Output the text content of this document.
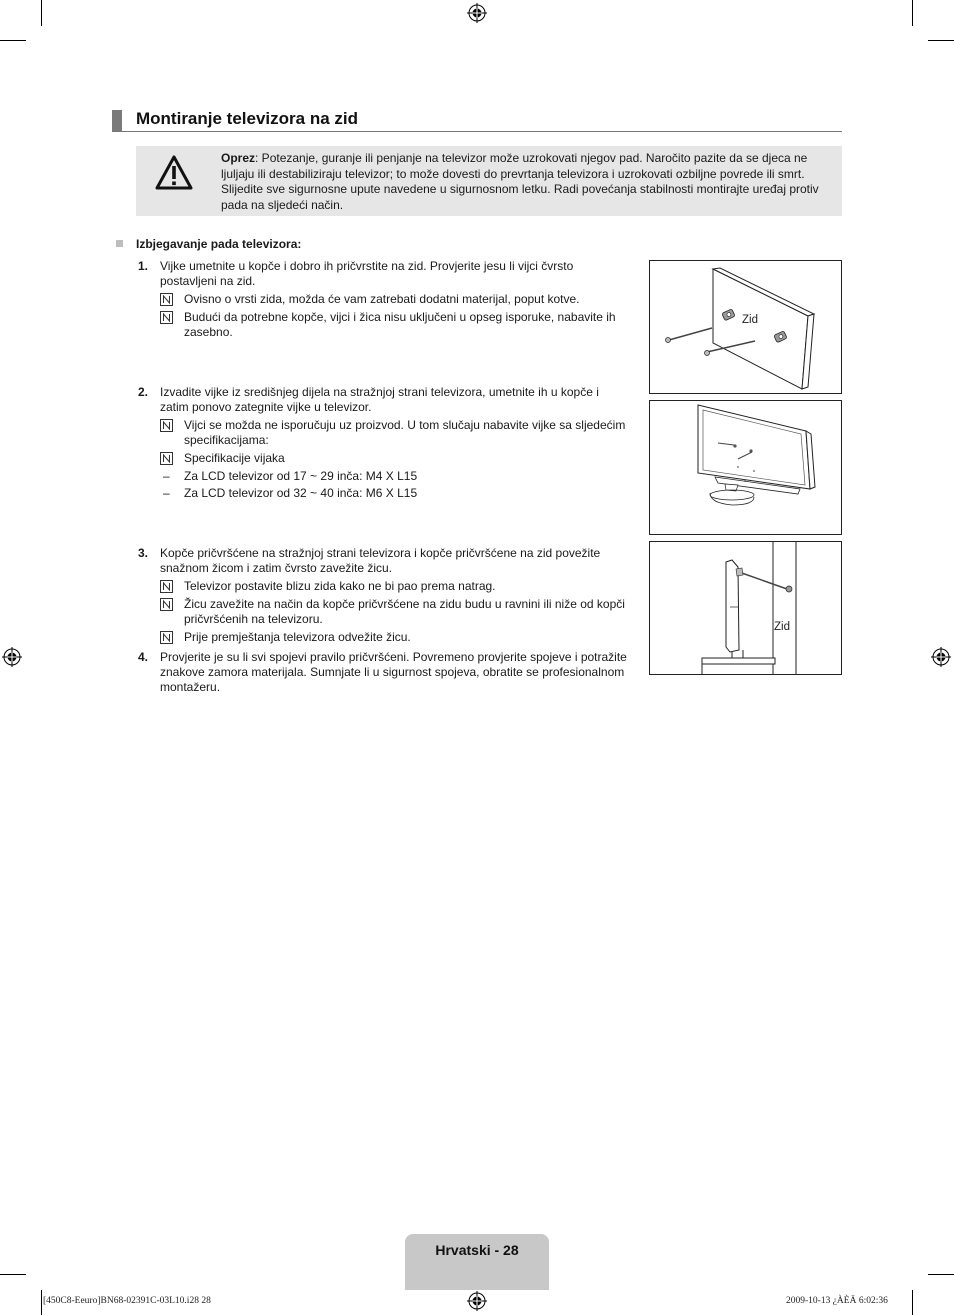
Montiranje televizora na zid
Oprez: Potezanje, guranje ili penjanje na televizor može uzrokovati njegov pad. Naročito pazite da se djeca ne ljuljaju ili destabiliziraju televizor; to može dovesti do prevrtanja televizora i uzrokovati ozbiljne povrede ili smrt. Slijedite sve sigurnosne upute navedene u sigurnosnom letku. Radi povećanja stabilnosti montirajte uređaj protiv pada na sljedeći način.
Izbjegavanje pada televizora:
1. Vijke umetnite u kopče i dobro ih pričvrstite na zid. Provjerite jesu li vijci čvrsto
postavljeni na zid.
Ovisno o vrsti zida, možda će vam zatrebati dodatni materijal, poput kotve.
Budući da potrebne kopče, vijci i žica nisu uključeni u opseg isporuke, nabavite ih
zasebno.
2. Izvadite vijke iz središnjeg dijela na stražnjoj strani televizora, umetnite ih u kopče i
zatim ponovo zategnite vijke u televizor.
Vijci se možda ne isporučuju uz proizvod. U tom slučaju nabavite vijke sa sljedećim
specifikacijama:
Specifikacije vijaka
– Za LCD televizor od 17 ~ 29 inča: M4 X L15
– Za LCD televizor od 32 ~ 40 inča: M6 X L15
3. Kopče pričvršćene na stražnjoj strani televizora i kopče pričvršćene na zid povežite
snažnom žicom i zatim čvrsto zavežite žicu.
Televizor postavite blizu zida kako ne bi pao prema natrag.
Žicu zavežite na način da kopče pričvršćene na zidu budu u ravnini ili niže od kopči
pričvršćenih na televizoru.
Prije premještanja televizora odvežite žicu.
4. Provjerite je su li svi spojevi pravilo pričvršćeni. Povremeno provjerite spojeve i potražite
znakove zamora materijala. Sumnjate li u sigurnost spojeva, obratite se profesionalnom
montažeru.
Zid
Zid
Hrvatski - 28
[450C8-Eeuro]BN68-02391C-03L10.i28 28	2009-10-13 ¿ÀÈÄ 6:02:36
